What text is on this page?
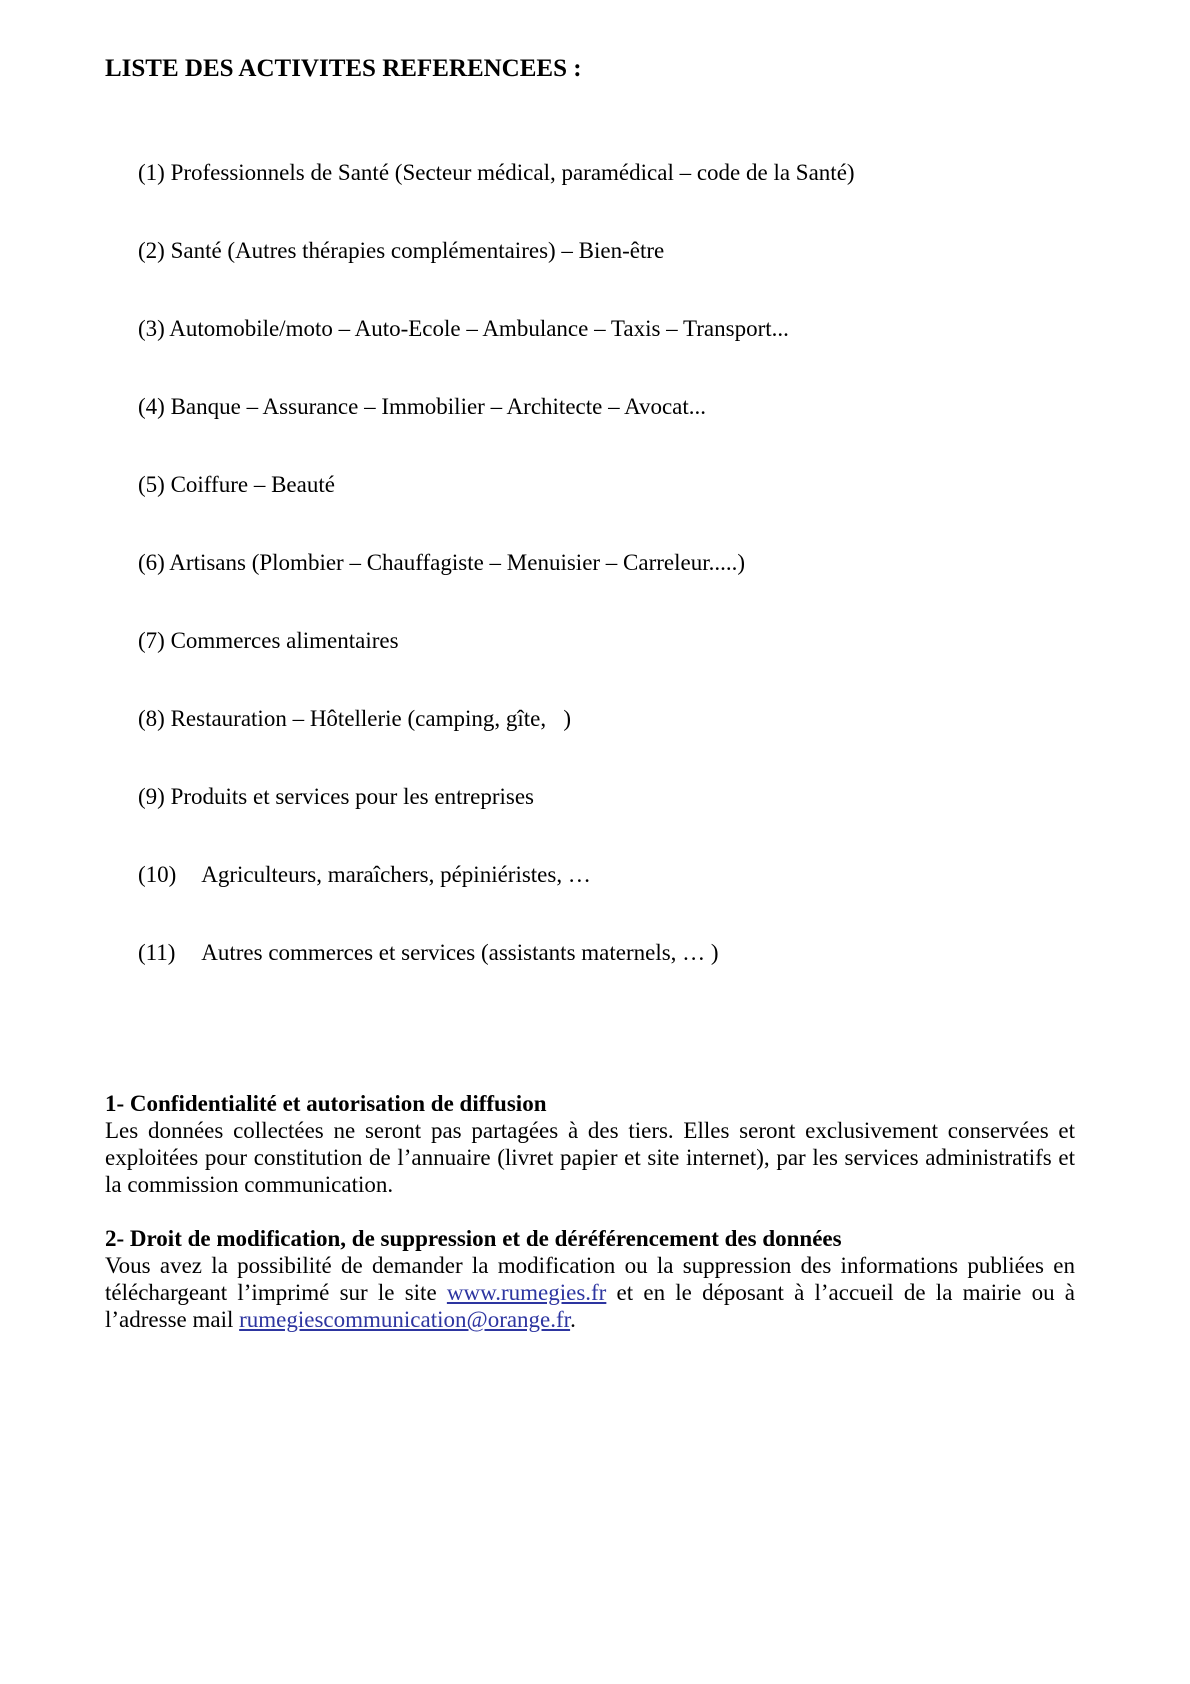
LISTE DES ACTIVITES REFERENCEES :

(1) Professionnels de Santé (Secteur médical, paramédical – code de la Santé)

(2) Santé (Autres thérapies complémentaires) – Bien-être

(3) Automobile/moto – Auto-Ecole – Ambulance – Taxis – Transport...

(4) Banque – Assurance – Immobilier – Architecte – Avocat...

(5) Coiffure – Beauté

(6) Artisans (Plombier – Chauffagiste – Menuisier – Carreleur.....)

(7) Commerces alimentaires

(8) Restauration – Hôtellerie (camping, gîte,   )

(9) Produits et services pour les entreprises

(10)	Agriculteurs, maraîchers, pépiniéristes, …

(11)	Autres commerces et services (assistants maternels, … )

1- Confidentialité et autorisation de diffusion

Les données collectées ne seront pas partagées à des tiers. Elles seront exclusivement conservées et exploitées pour constitution de l’annuaire (livret papier et site internet), par les services administratifs et la commission communication.

2- Droit de modification, de suppression et de déréférencement des données

Vous avez la possibilité de demander la modification ou la suppression des informations publiées en téléchargeant l’imprimé sur le site www.rumegies.fr et en le déposant à l’accueil de la mairie ou à l’adresse mail rumegiescommunication@orange.fr.
